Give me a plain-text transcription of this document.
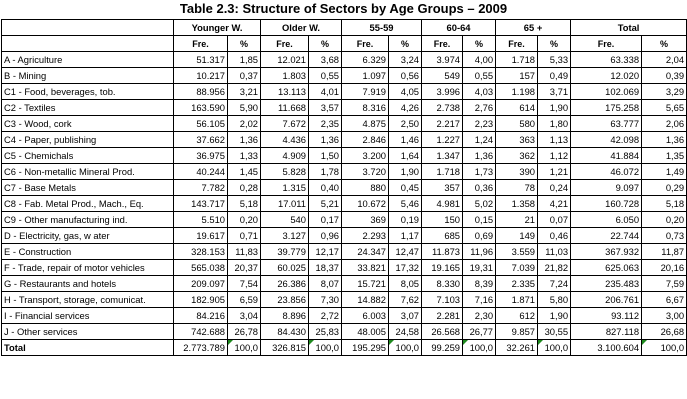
Table 2.3: Structure of Sectors by Age Groups – 2009
	Younger W.		Older W.		55-59		60-64		65 +		Total	
	Fre.	%	Fre.	%	Fre.	%	Fre.	%	Fre.	%	Fre.	%
A - Agriculture	51.317	1,85	12.021	3,68	6.329	3,24	3.974	4,00	1.718	5,33	63.338	2,04
B - Mining	10.217	0,37	1.803	0,55	1.097	0,56	549	0,55	157	0,49	12.020	0,39
C1 - Food, beverages, tob.	88.956	3,21	13.113	4,01	7.919	4,05	3.996	4,03	1.198	3,71	102.069	3,29
C2 - Textiles	163.590	5,90	11.668	3,57	8.316	4,26	2.738	2,76	614	1,90	175.258	5,65
C3 - Wood, cork	56.105	2,02	7.672	2,35	4.875	2,50	2.217	2,23	580	1,80	63.777	2,06
C4 - Paper, publishing	37.662	1,36	4.436	1,36	2.846	1,46	1.227	1,24	363	1,13	42.098	1,36
C5 - Chemichals	36.975	1,33	4.909	1,50	3.200	1,64	1.347	1,36	362	1,12	41.884	1,35
C6 - Non-metallic Mineral Prod.	40.244	1,45	5.828	1,78	3.720	1,90	1.718	1,73	390	1,21	46.072	1,49
C7 - Base Metals	7.782	0,28	1.315	0,40	880	0,45	357	0,36	78	0,24	9.097	0,29
C8 - Fab. Metal Prod., Mach., Eq.	143.717	5,18	17.011	5,21	10.672	5,46	4.981	5,02	1.358	4,21	160.728	5,18
C9 - Other manufacturing ind.	5.510	0,20	540	0,17	369	0,19	150	0,15	21	0,07	6.050	0,20
D - Electricity, gas, w ater	19.617	0,71	3.127	0,96	2.293	1,17	685	0,69	149	0,46	22.744	0,73
E - Construction	328.153	11,83	39.779	12,17	24.347	12,47	11.873	11,96	3.559	11,03	367.932	11,87
F - Trade, repair of motor vehicles	565.038	20,37	60.025	18,37	33.821	17,32	19.165	19,31	7.039	21,82	625.063	20,16
G - Restaurants and hotels	209.097	7,54	26.386	8,07	15.721	8,05	8.330	8,39	2.335	7,24	235.483	7,59
H - Transport, storage, comunicat.	182.905	6,59	23.856	7,30	14.882	7,62	7.103	7,16	1.871	5,80	206.761	6,67
I - Financial services	84.216	3,04	8.896	2,72	6.003	3,07	2.281	2,30	612	1,90	93.112	3,00
J - Other services	742.688	26,78	84.430	25,83	48.005	24,58	26.568	26,77	9.857	30,55	827.118	26,68
Total	2.773.789	100,0	326.815	100,0	195.295	100,0	99.259	100,0	32.261	100,0	3.100.604	100,0
